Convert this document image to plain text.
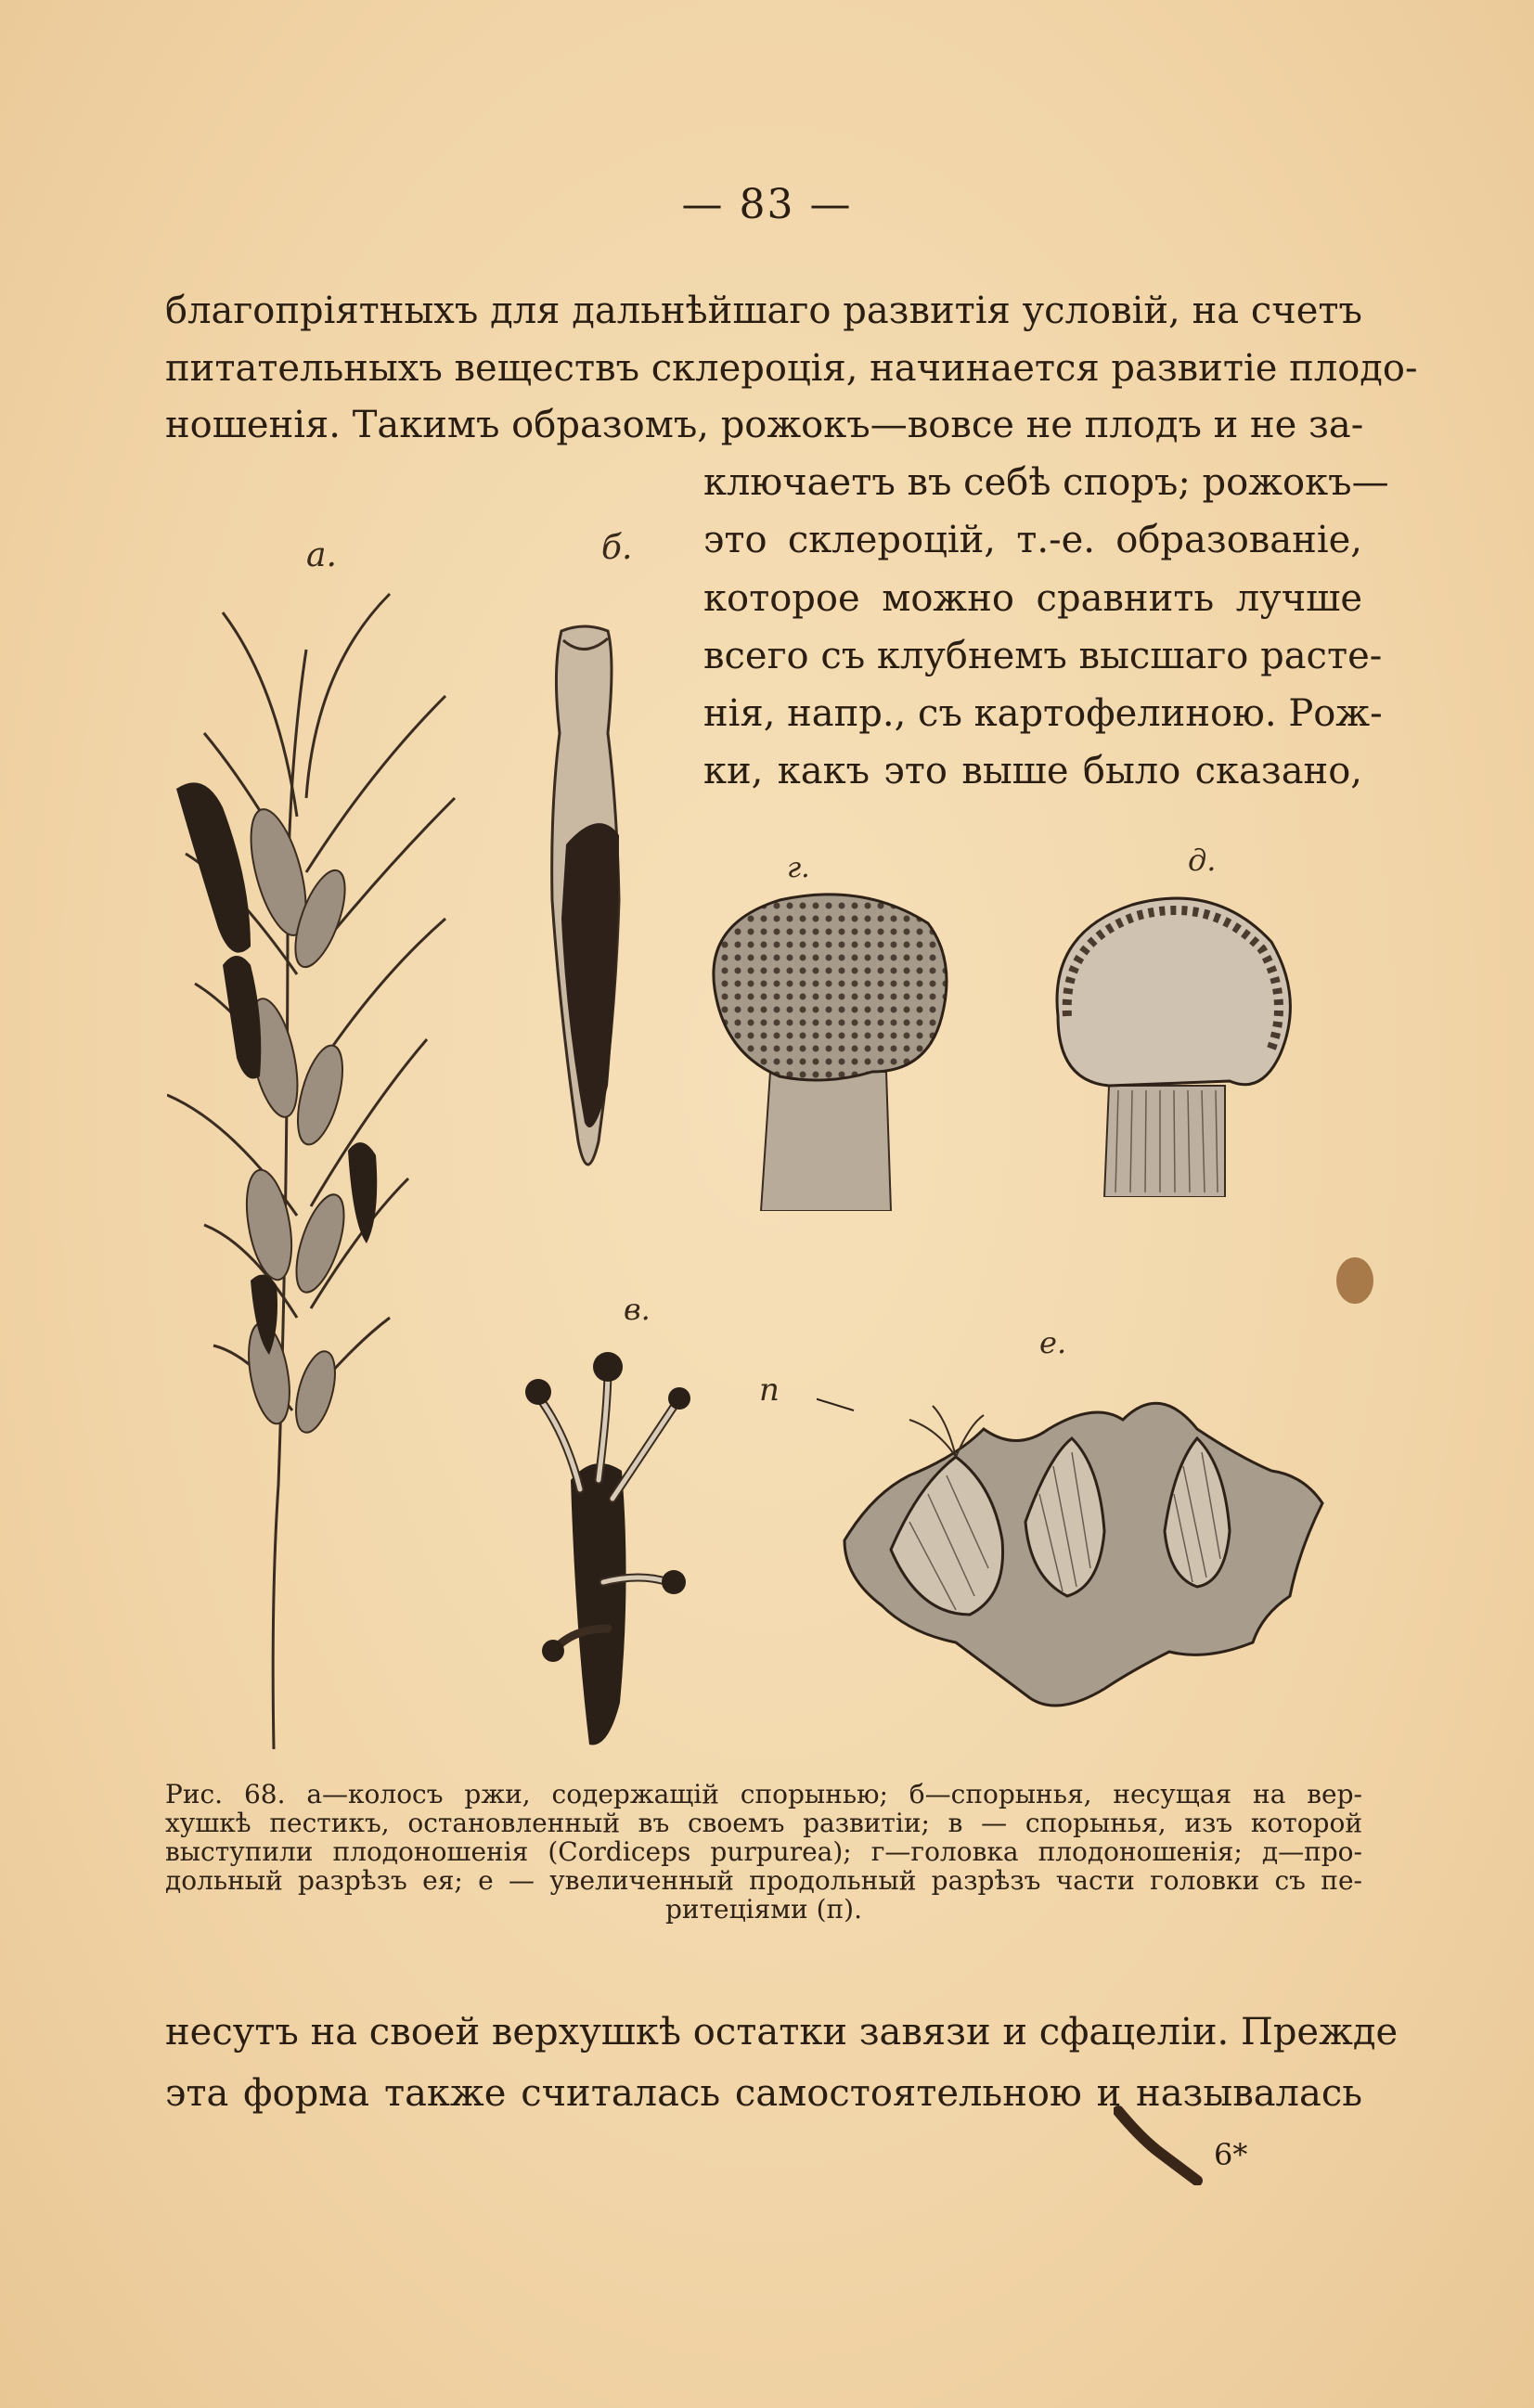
— 83 —
благопріятныхъ для дальнѣйшаго развитія условій, на счетъ
питательныхъ веществъ склероція, начинается развитіе плодо-
ношенія. Такимъ образомъ, рожокъ—вовсе не плодъ и не за-
ключаетъ въ себѣ споръ; рожокъ—
это склероцій, т.-е. образованіе,
которое можно сравнить лучше
всего съ клубнемъ высшаго расте-
нія, напр., съ картофелиною. Рож-
ки, какъ это выше было сказано,
а.	б.
г.	д.
в.
е.
п
Рис. 68. а—колосъ ржи, содержащій спорынью; б—спорынья, несущая на вер-
хушкѣ пестикъ, остановленный въ своемъ развитіи; в — спорынья, изъ которой
выступили плодоношенія (Cordiceps purpurea); г—головка плодоношенія; д—про-
дольный разрѣзъ ея; е — увеличенный продольный разрѣзъ части головки съ пе-
ритеціями (п).
несутъ на своей верхушкѣ остатки завязи и сфацеліи. Прежде
эта форма также считалась самостоятельною и называлась
6*
